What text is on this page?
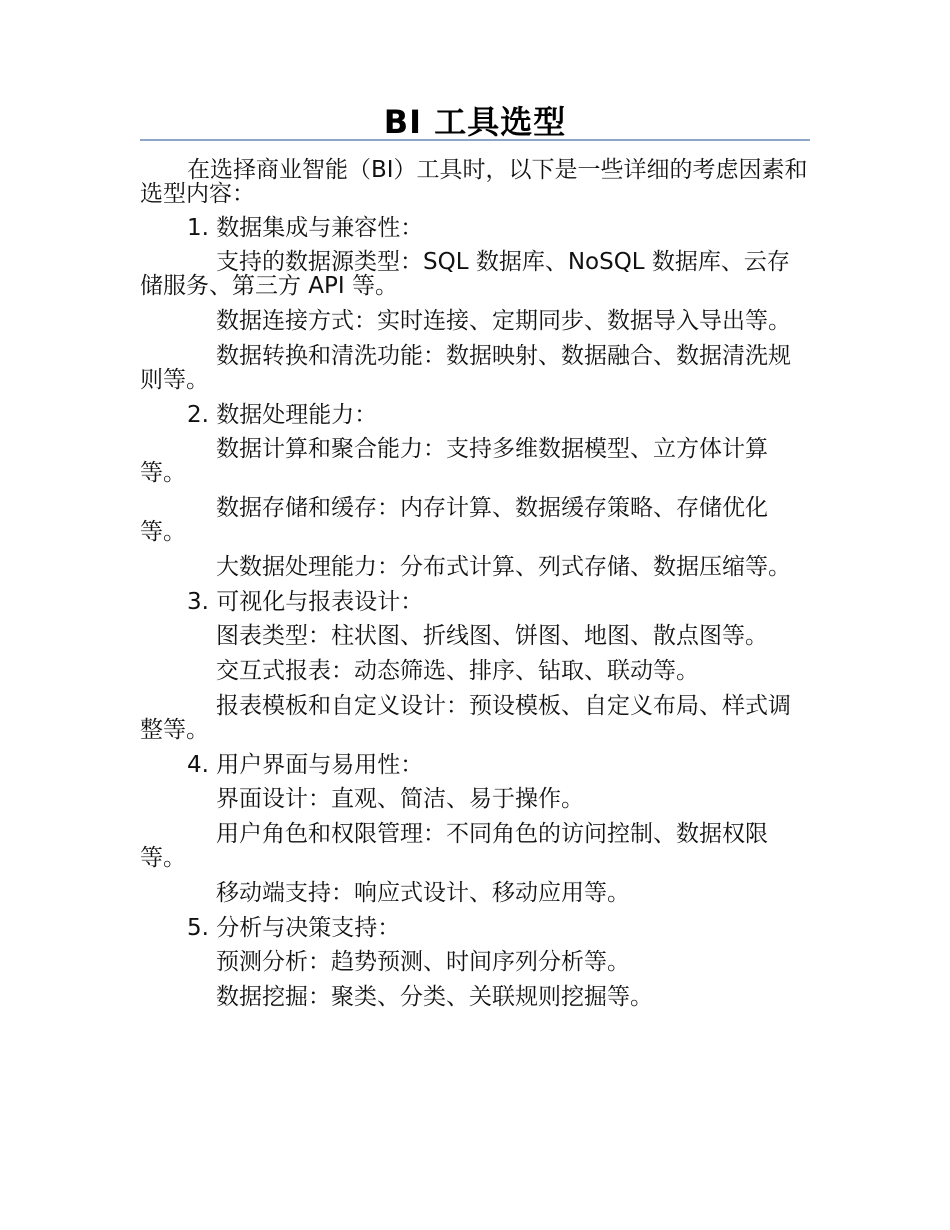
BI 工具选型

在选择商业智能（BI）工具时，以下是一些详细的考虑因素和选型内容：

1. 数据集成与兼容性：

支持的数据源类型：SQL 数据库、NoSQL 数据库、云存储服务、第三方 API 等。

数据连接方式：实时连接、定期同步、数据导入导出等。

数据转换和清洗功能：数据映射、数据融合、数据清洗规则等。

2. 数据处理能力：

数据计算和聚合能力：支持多维数据模型、立方体计算等。

数据存储和缓存：内存计算、数据缓存策略、存储优化等。

大数据处理能力：分布式计算、列式存储、数据压缩等。

3. 可视化与报表设计：

图表类型：柱状图、折线图、饼图、地图、散点图等。

交互式报表：动态筛选、排序、钻取、联动等。

报表模板和自定义设计：预设模板、自定义布局、样式调整等。

4. 用户界面与易用性：

界面设计：直观、简洁、易于操作。

用户角色和权限管理：不同角色的访问控制、数据权限等。

移动端支持：响应式设计、移动应用等。

5. 分析与决策支持：

预测分析：趋势预测、时间序列分析等。

数据挖掘：聚类、分类、关联规则挖掘等。
